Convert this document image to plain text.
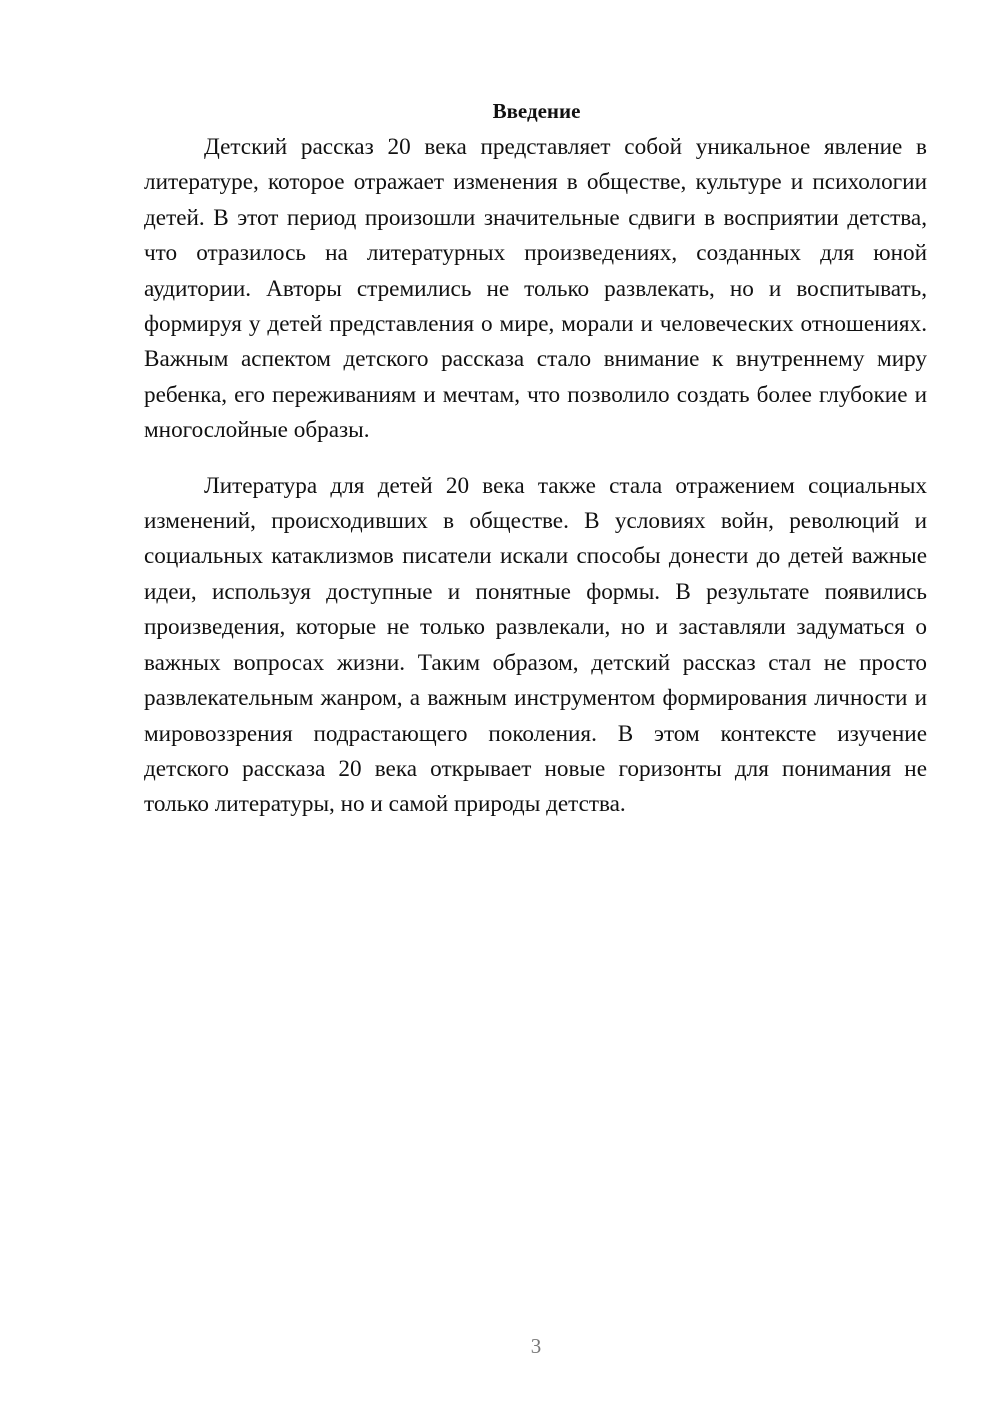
Введение

Детский рассказ 20 века представляет собой уникальное явление в литературе, которое отражает изменения в обществе, культуре и психологии детей. В этот период произошли значительные сдвиги в восприятии детства, что отразилось на литературных произведениях, созданных для юной аудитории. Авторы стремились не только развлекать, но и воспитывать, формируя у детей представления о мире, морали и человеческих отношениях. Важным аспектом детского рассказа стало внимание к внутреннему миру ребенка, его переживаниям и мечтам, что позволило создать более глубокие и многослойные образы.

Литература для детей 20 века также стала отражением социальных изменений, происходивших в обществе. В условиях войн, революций и социальных катаклизмов писатели искали способы донести до детей важные идеи, используя доступные и понятные формы. В результате появились произведения, которые не только развлекали, но и заставляли задуматься о важных вопросах жизни. Таким образом, детский рассказ стал не просто развлекательным жанром, а важным инструментом формирования личности и мировоззрения подрастающего поколения. В этом контексте изучение детского рассказа 20 века открывает новые горизонты для понимания не только литературы, но и самой природы детства.

3
